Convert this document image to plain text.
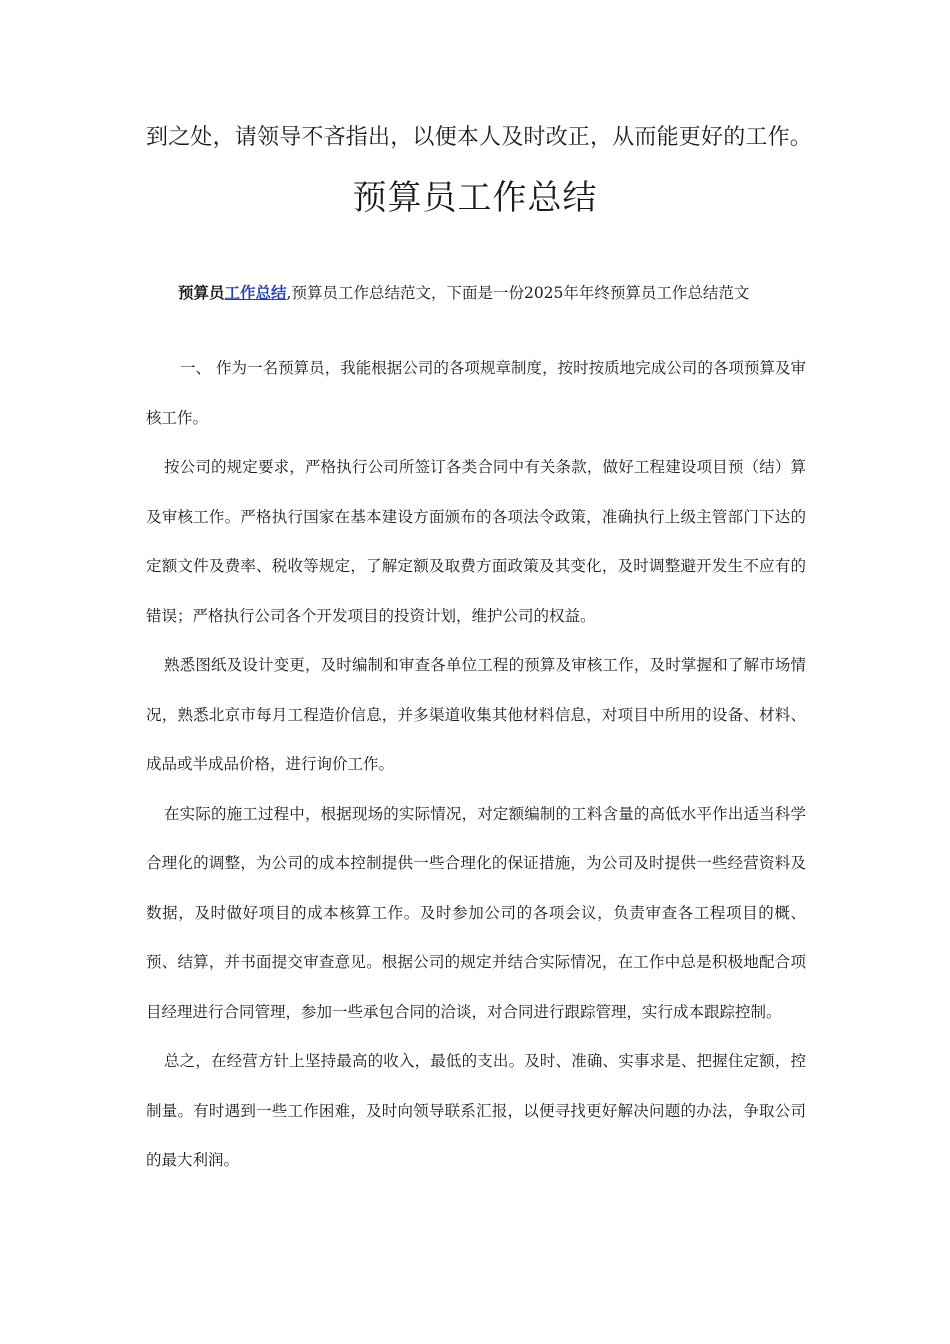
到之处，请领导不吝指出，以便本人及时改正，从而能更好的工作。
预算员工作总结
预算员工作总结,预算员工作总结范文，下面是一份2025年年终预算员工作总结范文

一、 作为一名预算员，我能根据公司的各项规章制度，按时按质地完成公司的各项预算及审核工作。

按公司的规定要求，严格执行公司所签订各类合同中有关条款，做好工程建设项目预（结）算及审核工作。严格执行国家在基本建设方面颁布的各项法令政策，准确执行上级主管部门下达的定额文件及费率、税收等规定，了解定额及取费方面政策及其变化，及时调整避开发生不应有的错误；严格执行公司各个开发项目的投资计划，维护公司的权益。

熟悉图纸及设计变更，及时编制和审查各单位工程的预算及审核工作，及时掌握和了解市场情况，熟悉北京市每月工程造价信息，并多渠道收集其他材料信息，对项目中所用的设备、材料、成品或半成品价格，进行询价工作。

在实际的施工过程中，根据现场的实际情况，对定额编制的工料含量的高低水平作出适当科学合理化的调整，为公司的成本控制提供一些合理化的保证措施，为公司及时提供一些经营资料及数据，及时做好项目的成本核算工作。及时参加公司的各项会议，负责审查各工程项目的概、预、结算，并书面提交审查意见。根据公司的规定并结合实际情况，在工作中总是积极地配合项目经理进行合同管理，参加一些承包合同的洽谈，对合同进行跟踪管理，实行成本跟踪控制。

总之，在经营方针上坚持最高的收入，最低的支出。及时、准确、实事求是、把握住定额，控制量。有时遇到一些工作困难，及时向领导联系汇报，以便寻找更好解决问题的办法，争取公司的最大利润。
